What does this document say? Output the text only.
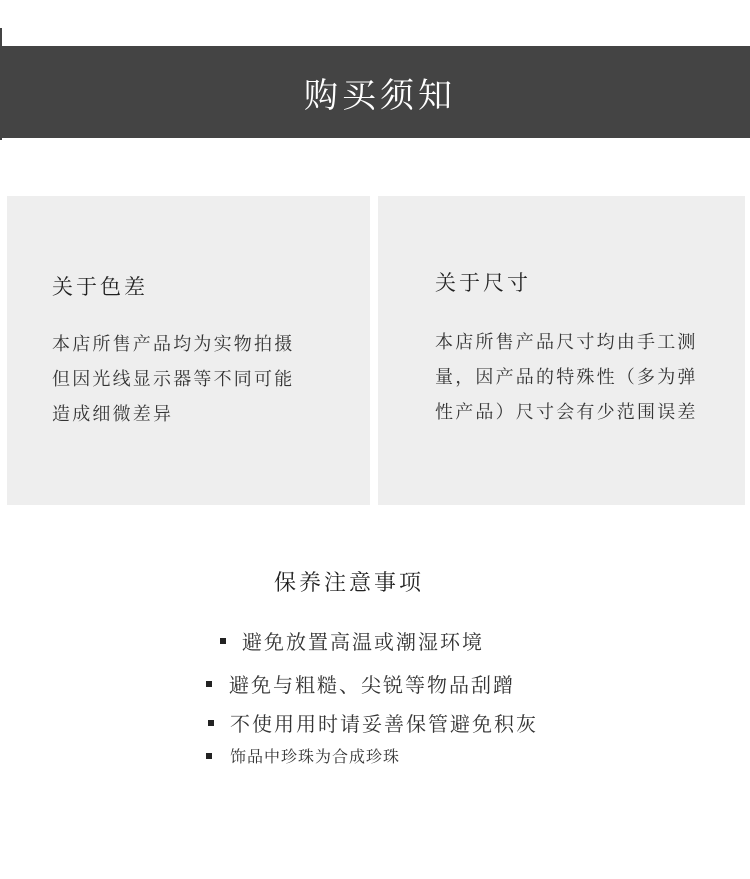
购买须知
关于色差
本店所售产品均为实物拍摄
但因光线显示器等不同可能
造成细微差异
关于尺寸
本店所售产品尺寸均由手工测
量，因产品的特殊性（多为弹
性产品）尺寸会有少范围误差
保养注意事项
避免放置高温或潮湿环境
避免与粗糙、尖锐等物品刮蹭
不使用用时请妥善保管避免积灰
饰品中珍珠为合成珍珠
